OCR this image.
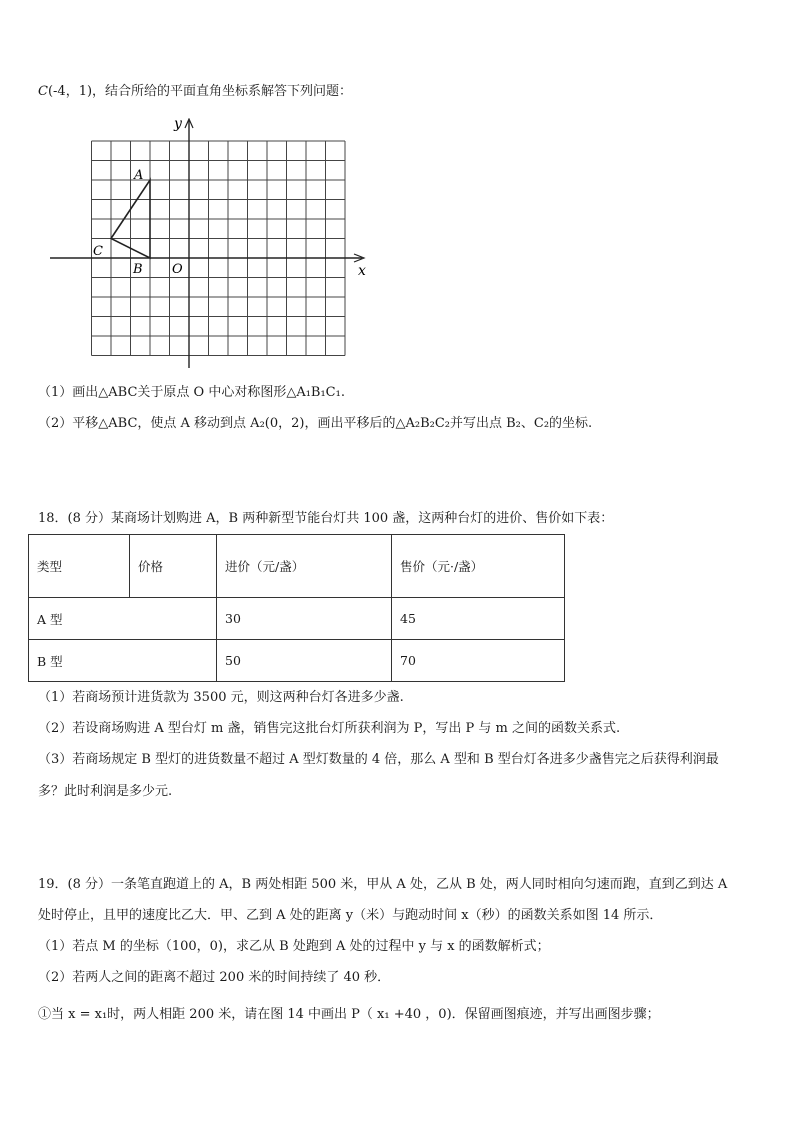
C(-4，1)，结合所给的平面直角坐标系解答下列问题：
y
x
O
A
B
C
（1）画出△ABC关于原点 O 中心对称图形△A₁B₁C₁.
（2）平移△ABC，使点 A 移动到点 A₂(0，2)，画出平移后的△A₂B₂C₂并写出点 B₂、C₂的坐标.
18．(8 分）某商场计划购进 A，B 两种新型节能台灯共 100 盏，这两种台灯的进价、售价如下表：
类型	价格	进价（元/盏）	售价（元·/盏）
A 型		30	45
B 型		50	70
（1）若商场预计进货款为 3500 元，则这两种台灯各进多少盏.
（2）若设商场购进 A 型台灯 m 盏，销售完这批台灯所获利润为 P，写出 P 与 m 之间的函数关系式.
（3）若商场规定 B 型灯的进货数量不超过 A 型灯数量的 4 倍，那么 A 型和 B 型台灯各进多少盏售完之后获得利润最
多？此时利润是多少元.
19．(8 分）一条笔直跑道上的 A，B 两处相距 500 米，甲从 A 处，乙从 B 处，两人同时相向匀速而跑，直到乙到达 A
处时停止，且甲的速度比乙大．甲、乙到 A 处的距离 y（米）与跑动时间 x（秒）的函数关系如图 14 所示．
（1）若点 M 的坐标（100，0)，求乙从 B 处跑到 A 处的过程中 y 与 x 的函数解析式；
（2）若两人之间的距离不超过 200 米的时间持续了 40 秒．
①当 x = x₁时，两人相距 200 米，请在图 14 中画出 P（ x₁ +40 ，0)．保留画图痕迹，并写出画图步骤；
